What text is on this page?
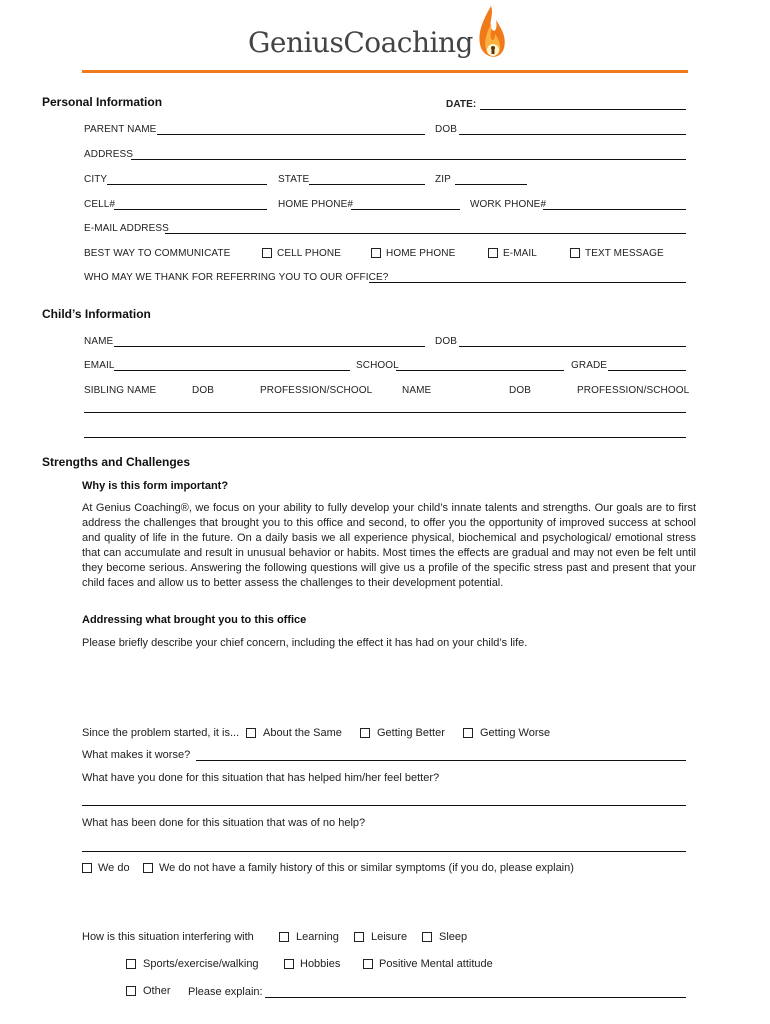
GeniusCoaching
Personal Information	DATE:
PARENT NAME	DOB
ADDRESS
CITY	STATE	ZIP
CELL#	HOME PHONE#	WORK PHONE#
E-MAIL ADDRESS
BEST WAY TO COMMUNICATE	CELL PHONE	HOME PHONE	E-MAIL	TEXT MESSAGE
WHO MAY WE THANK FOR REFERRING YOU TO OUR OFFICE?
Child’s Information
NAME	DOB
EMAIL	SCHOOL	GRADE
SIBLING NAME	DOB	PROFESSION/SCHOOL	NAME	DOB	PROFESSION/SCHOOL
Strengths and Challenges
Why is this form important?
At Genius Coaching®, we focus on your ability to fully develop your child’s innate talents and strengths. Our goals are to first address the challenges that brought you to this office and second, to offer you the opportunity of improved success at school and quality of life in the future. On a daily basis we all experience physical, biochemical and psychological/ emotional stress that can accumulate and result in unusual behavior or habits. Most times the effects are gradual and may not even be felt until they become serious. Answering the following questions will give us a profile of the specific stress past and present that your child faces and allow us to better assess the challenges to their development potential.
Addressing what brought you to this office
Please briefly describe your chief concern, including the effect it has had on your child’s life.
Since the problem started, it is... About the Same	Getting Better	Getting Worse
What makes it worse?
What have you done for this situation that has helped him/her feel better?
What has been done for this situation that was of no help?
We do	We do not have a family history of this or similar symptoms (if you do, please explain)
How is this situation interfering with	Learning	Leisure	Sleep
Sports/exercise/walking	Hobbies	Positive Mental attitude
Other Please explain:
